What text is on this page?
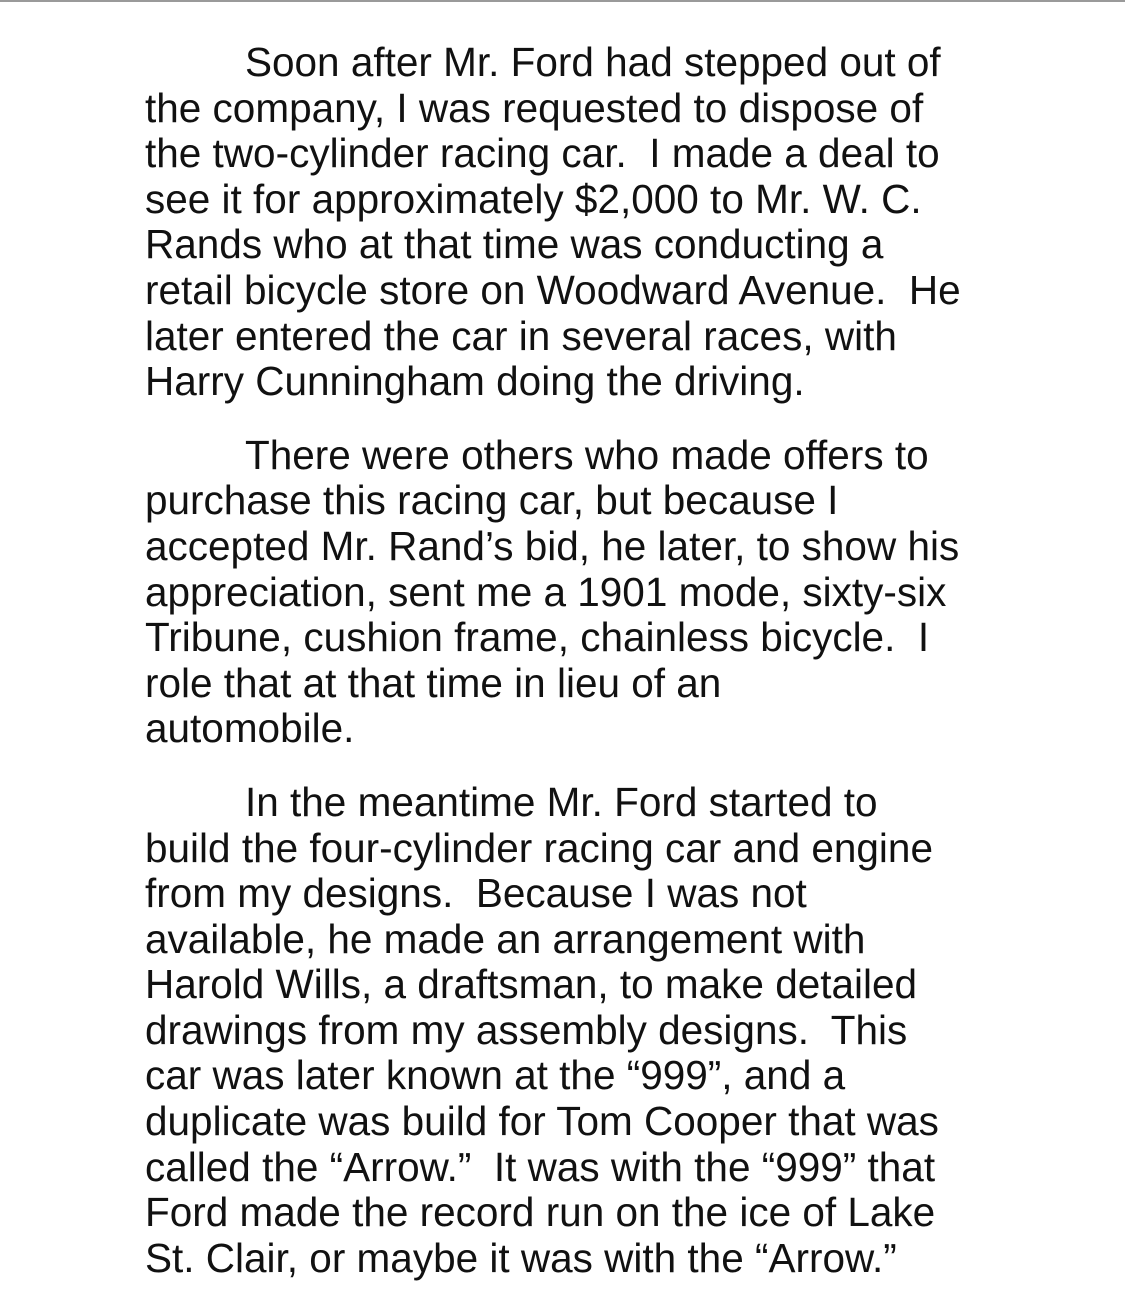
Soon after Mr. Ford had stepped out of
the company, I was requested to dispose of
the two-cylinder racing car.  I made a deal to
see it for approximately $2,000 to Mr. W. C.
Rands who at that time was conducting a
retail bicycle store on Woodward Avenue.  He
later entered the car in several races, with
Harry Cunningham doing the driving.

There were others who made offers to
purchase this racing car, but because I
accepted Mr. Rand’s bid, he later, to show his
appreciation, sent me a 1901 mode, sixty-six
Tribune, cushion frame, chainless bicycle.  I
role that at that time in lieu of an
automobile.

In the meantime Mr. Ford started to
build the four-cylinder racing car and engine
from my designs.  Because I was not
available, he made an arrangement with
Harold Wills, a draftsman, to make detailed
drawings from my assembly designs.  This
car was later known at the “999”, and a
duplicate was build for Tom Cooper that was
called the “Arrow.”  It was with the “999” that
Ford made the record run on the ice of Lake
St. Clair, or maybe it was with the “Arrow.”
